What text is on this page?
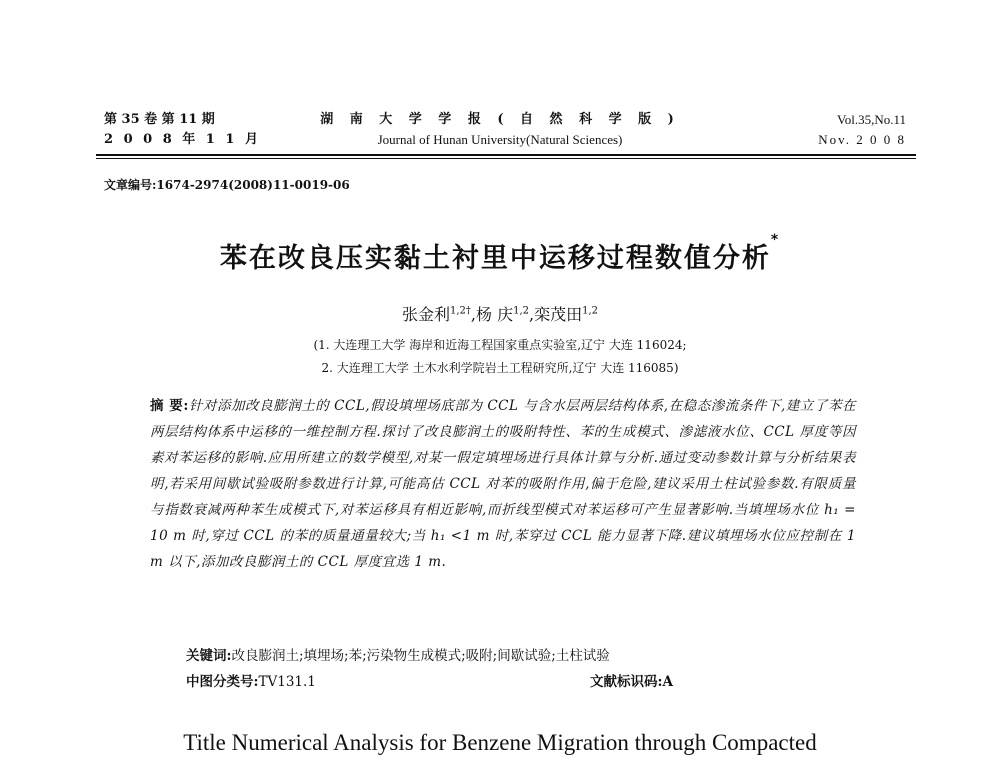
第 35 卷 第 11 期
2 0 0 8 年 1 1 月
湖 南 大 学 学 报 ( 自 然 科 学 版 )
Journal of Hunan University(Natural Sciences)
Vol.35,No.11
Nov. 2 0 0 8
文章编号:1674-2974(2008)11-0019-06
苯在改良压实黏土衬里中运移过程数值分析*
张金利$^{1,2\dagger}$,杨 庆$^{1,2}$,栾茂田$^{1,2}$
(1. 大连理工大学 海岸和近海工程国家重点实验室,辽宁 大连 116024;
2. 大连理工大学 土木水利学院岩土工程研究所,辽宁 大连 116085)
摘 要:针对添加改良膨润土的 CCL,假设填埋场底部为 CCL 与含水层两层结构体系,在稳态渗流条件下,建立了苯在两层结构体系中运移的一维控制方程.探讨了改良膨润土的吸附特性、苯的生成模式、渗滤液水位、CCL 厚度等因素对苯运移的影响.应用所建立的数学模型,对某一假定填埋场进行具体计算与分析.通过变动参数计算与分析结果表明,若采用间歇试验吸附参数进行计算,可能高估 CCL 对苯的吸附作用,偏于危险,建议采用土柱试验参数.有限质量与指数衰减两种苯生成模式下,对苯运移具有相近影响,而折线型模式对苯运移可产生显著影响.当填埋场水位 h₁ = 10 m 时,穿过 CCL 的苯的质量通量较大;当 h₁ <1 m 时,苯穿过 CCL 能力显著下降.建议填埋场水位应控制在 1 m 以下,添加改良膨润土的 CCL 厚度宜选 1 m.
关键词:改良膨润土;填埋场;苯;污染物生成模式;吸附;间歇试验;土柱试验
中图分类号:TV131.1	文献标识码:A
Title Numerical Analysis for Benzene Migration through Compacted
